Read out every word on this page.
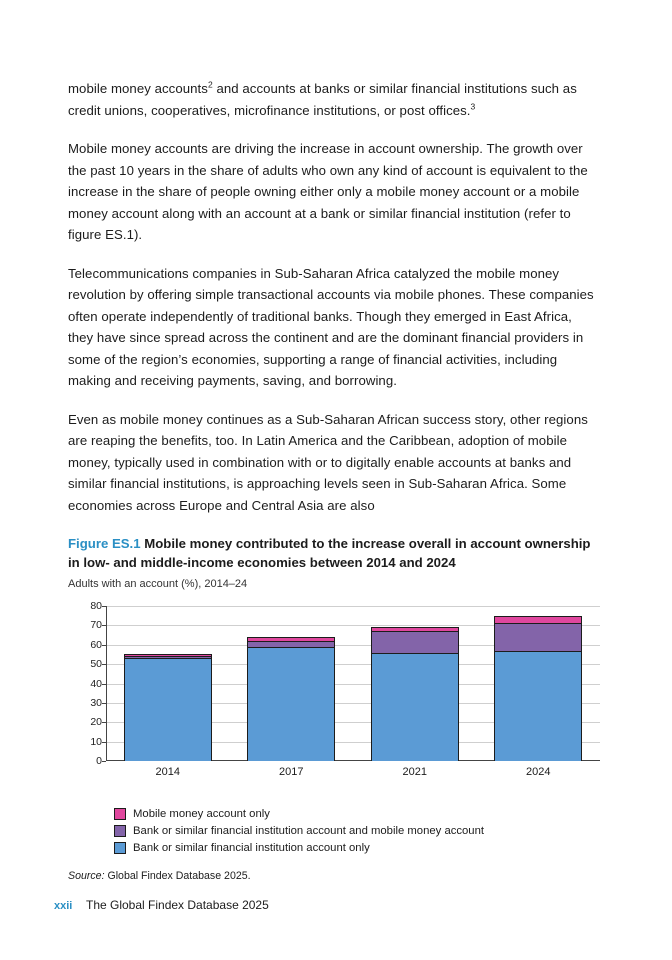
mobile money accounts$^2$ and accounts at banks or similar financial institutions such as credit unions, cooperatives, microfinance institutions, or post offices.$^3$

Mobile money accounts are driving the increase in account ownership. The growth over the past 10 years in the share of adults who own any kind of account is equivalent to the increase in the share of people owning either only a mobile money account or a mobile money account along with an account at a bank or similar financial institution (refer to figure ES.1).

Telecommunications companies in Sub-Saharan Africa catalyzed the mobile money revolution by offering simple transactional accounts via mobile phones. These companies often operate independently of traditional banks. Though they emerged in East Africa, they have since spread across the continent and are the dominant financial providers in some of the region’s economies, supporting a range of financial activities, including making and receiving payments, saving, and borrowing.

Even as mobile money continues as a Sub-Saharan African success story, other regions are reaping the benefits, too. In Latin America and the Caribbean, adoption of mobile money, typically used in combination with or to digitally enable accounts at banks and similar financial institutions, is approaching levels seen in Sub-Saharan Africa. Some economies across Europe and Central Asia are also

Figure ES.1 Mobile money contributed to the increase overall in account ownership in low- and middle-income economies between 2014 and 2024
Adults with an account (%), 2014–24
0
10
20
30
40
50
60
70
80
2014	2017	2021	2024
Mobile money account only
Bank or similar financial institution account and mobile money account
Bank or similar financial institution account only
Source: Global Findex Database 2025.
xxii	The Global Findex Database 2025
